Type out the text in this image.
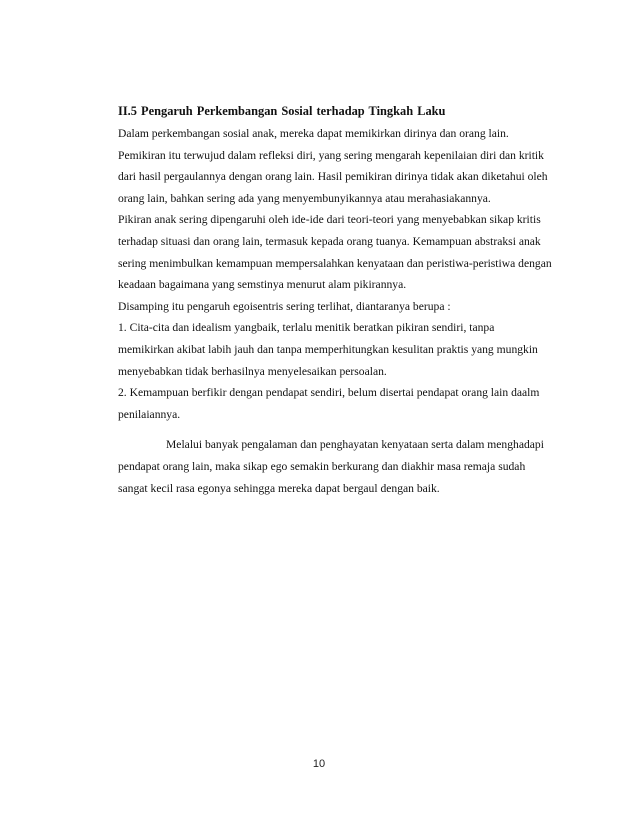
II.5 Pengaruh Perkembangan Sosial terhadap Tingkah Laku
Dalam perkembangan sosial anak, mereka dapat memikirkan dirinya dan orang lain.
Pemikiran itu terwujud dalam refleksi diri, yang sering mengarah kepenilaian diri dan kritik
dari hasil pergaulannya dengan orang lain. Hasil pemikiran dirinya tidak akan diketahui oleh
orang lain, bahkan sering ada yang menyembunyikannya atau merahasiakannya.
Pikiran anak sering dipengaruhi oleh ide-ide dari teori-teori yang menyebabkan sikap kritis
terhadap situasi dan orang lain, termasuk kepada orang tuanya. Kemampuan abstraksi anak
sering menimbulkan kemampuan mempersalahkan kenyataan dan peristiwa-peristiwa dengan
keadaan bagaimana yang semstinya menurut alam pikirannya.
Disamping itu pengaruh egoisentris sering terlihat, diantaranya berupa :
1. Cita-cita dan idealism yangbaik, terlalu menitik beratkan pikiran sendiri, tanpa
memikirkan akibat labih jauh dan tanpa memperhitungkan kesulitan praktis yang mungkin
menyebabkan tidak berhasilnya menyelesaikan persoalan.
2. Kemampuan berfikir dengan pendapat sendiri, belum disertai pendapat orang lain daalm
penilaiannya.
Melalui banyak pengalaman dan penghayatan kenyataan serta dalam menghadapi
pendapat orang lain, maka sikap ego semakin berkurang dan diakhir masa remaja sudah
sangat kecil rasa egonya sehingga mereka dapat bergaul dengan baik.
10
